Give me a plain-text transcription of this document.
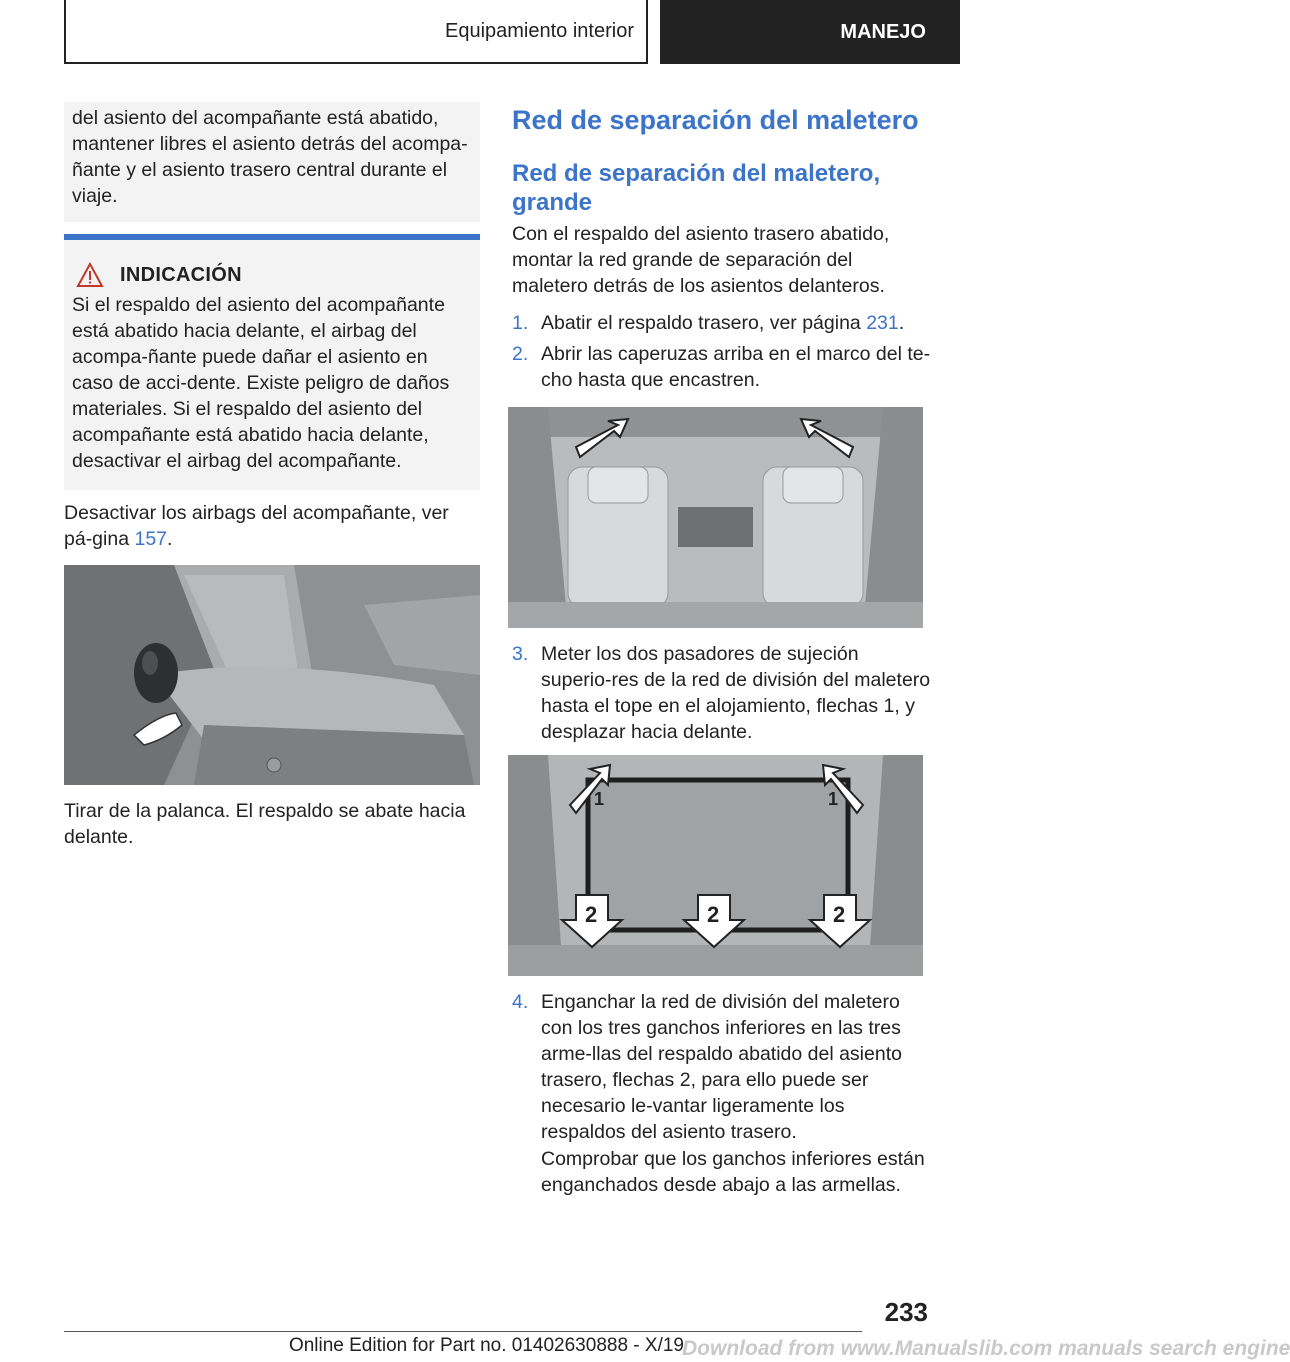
Equipamiento interior	MANEJO

del asiento del acompañante está abatido, mantener libres el asiento detrás del acompa-ñante y el asiento trasero central durante el viaje.

INDICACIÓN

Si el respaldo del asiento del acompañante está abatido hacia delante, el airbag del acompa-ñante puede dañar el asiento en caso de acci-dente. Existe peligro de daños materiales. Si el respaldo del asiento del acompañante está abatido hacia delante, desactivar el airbag del acompañante.

Desactivar los airbags del acompañante, ver pá-gina 157.

Tirar de la palanca. El respaldo se abate hacia delante.

Red de separación del maletero

Red de separación del maletero, grande

Con el respaldo del asiento trasero abatido, montar la red grande de separación del maletero detrás de los asientos delanteros.

1. Abatir el respaldo trasero, ver página 231.

2. Abrir las caperuzas arriba en el marco del te-cho hasta que encastren.

3. Meter los dos pasadores de sujeción superio-res de la red de división del maletero hasta el tope en el alojamiento, flechas 1, y desplazar hacia delante.

1	1
2	2	2
4. Enganchar la red de división del maletero con los tres ganchos inferiores en las tres arme-llas del respaldo abatido del asiento trasero, flechas 2, para ello puede ser necesario le-vantar ligeramente los respaldos del asiento trasero.

Comprobar que los ganchos inferiores están enganchados desde abajo a las armellas.

233
Online Edition for Part no. 01402630888 - X/19
Download from www.Manualslib.com manuals search engine
